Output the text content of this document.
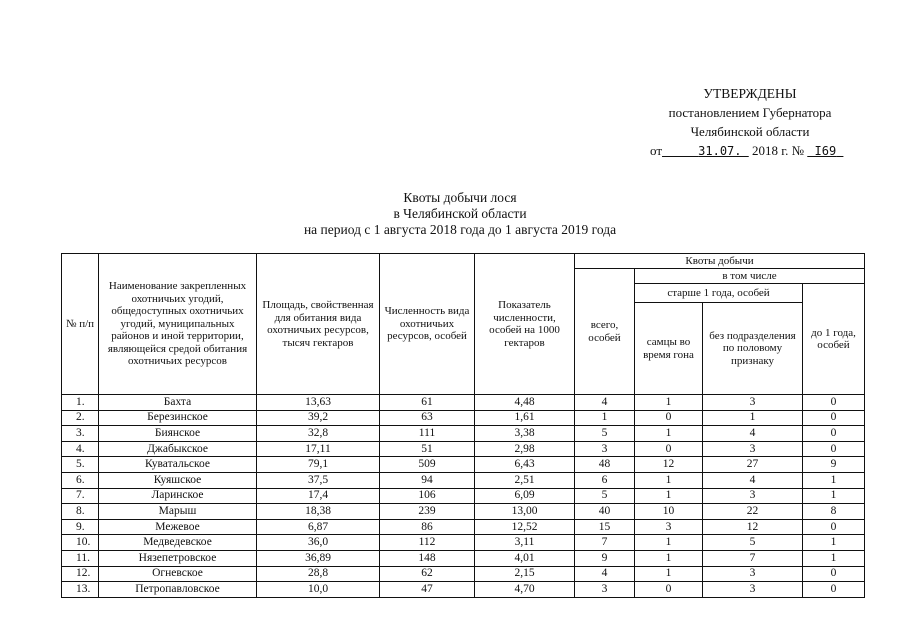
УТВЕРЖДЕНЫ
постановлением Губернатора
Челябинской области
от	31.07. 2018 г. № I69
Квоты добычи лося
в Челябинской области
на период с 1 августа 2018 года до 1 августа 2019 года
№ п/п	Наименование закрепленных охотничьих угодий, общедоступных охотничьих угодий, муниципальных районов и иной территории, являющейся средой обитания охотничьих ресурсов	Площадь, свойственная для обитания вида охотничьих ресурсов, тысяч гектаров	Численность вида охотничьих ресурсов, особей	Показатель численности, особей на 1000 гектаров	Квоты добычи			
					всего, особей	в том числе		
						старше 1 года, особей		до 1 года, особей
						самцы во время гона	без подразделения по половому признаку	
1.	Бахта	13,63	61	4,48	4	1	3	0
2.	Березинское	39,2	63	1,61	1	0	1	0
3.	Биянское	32,8	111	3,38	5	1	4	0
4.	Джабыкское	17,11	51	2,98	3	0	3	0
5.	Куватальское	79,1	509	6,43	48	12	27	9
6.	Куяшское	37,5	94	2,51	6	1	4	1
7.	Ларинское	17,4	106	6,09	5	1	3	1
8.	Марыш	18,38	239	13,00	40	10	22	8
9.	Межевое	6,87	86	12,52	15	3	12	0
10.	Медведевское	36,0	112	3,11	7	1	5	1
11.	Нязепетровское	36,89	148	4,01	9	1	7	1
12.	Огневское	28,8	62	2,15	4	1	3	0
13.	Петропавловское	10,0	47	4,70	3	0	3	0
